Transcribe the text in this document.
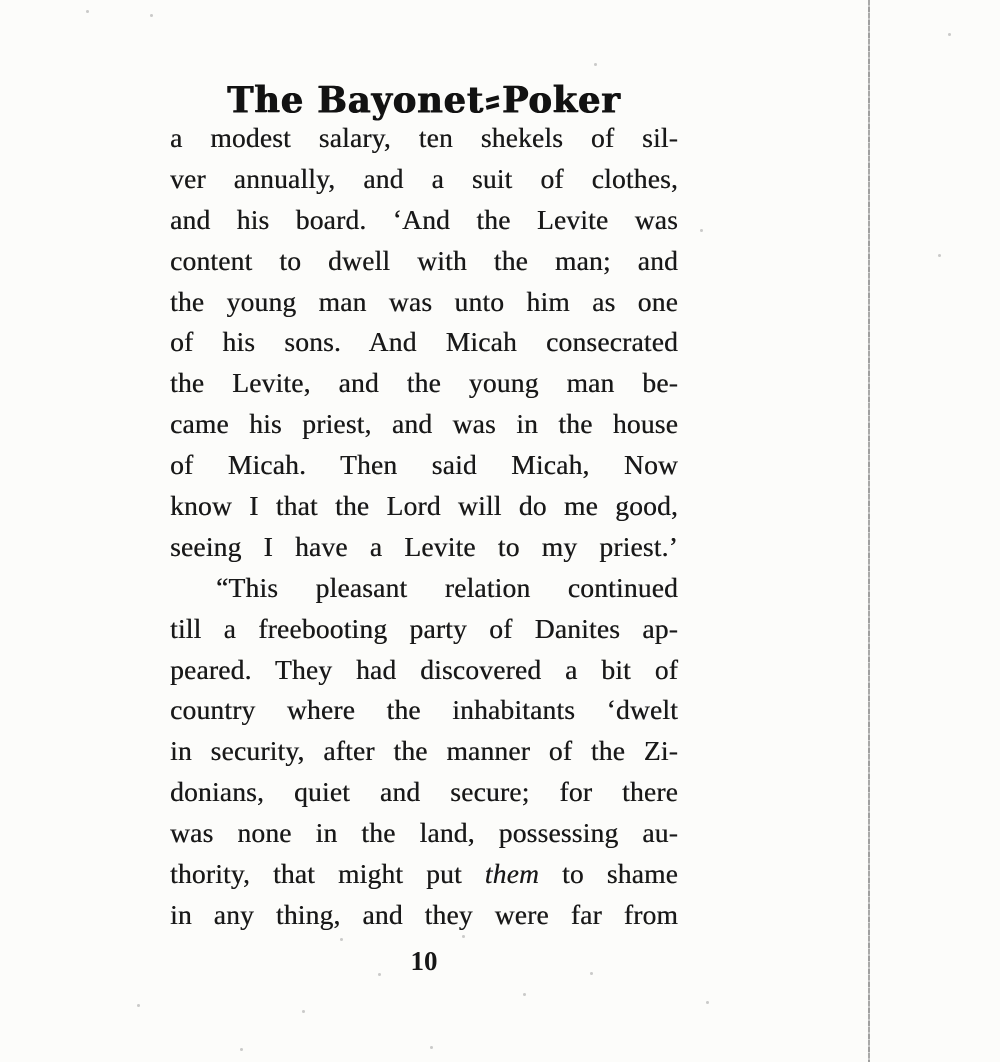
The Bayonet Poker
a modest salary, ten shekels of sil-
ver annually, and a suit of clothes,
and his board. ‘And the Levite was
content to dwell with the man; and
the young man was unto him as one
of his sons. And Micah consecrated
the Levite, and the young man be-
came his priest, and was in the house
of Micah. Then said Micah, Now
know I that the Lord will do me good,
seeing I have a Levite to my priest.’
“This pleasant relation continued
till a freebooting party of Danites ap-
peared. They had discovered a bit of
country where the inhabitants ‘dwelt
in security, after the manner of the Zi-
donians, quiet and secure; for there
was none in the land, possessing au-
thority, that might put them to shame
in any thing, and they were far from
10
